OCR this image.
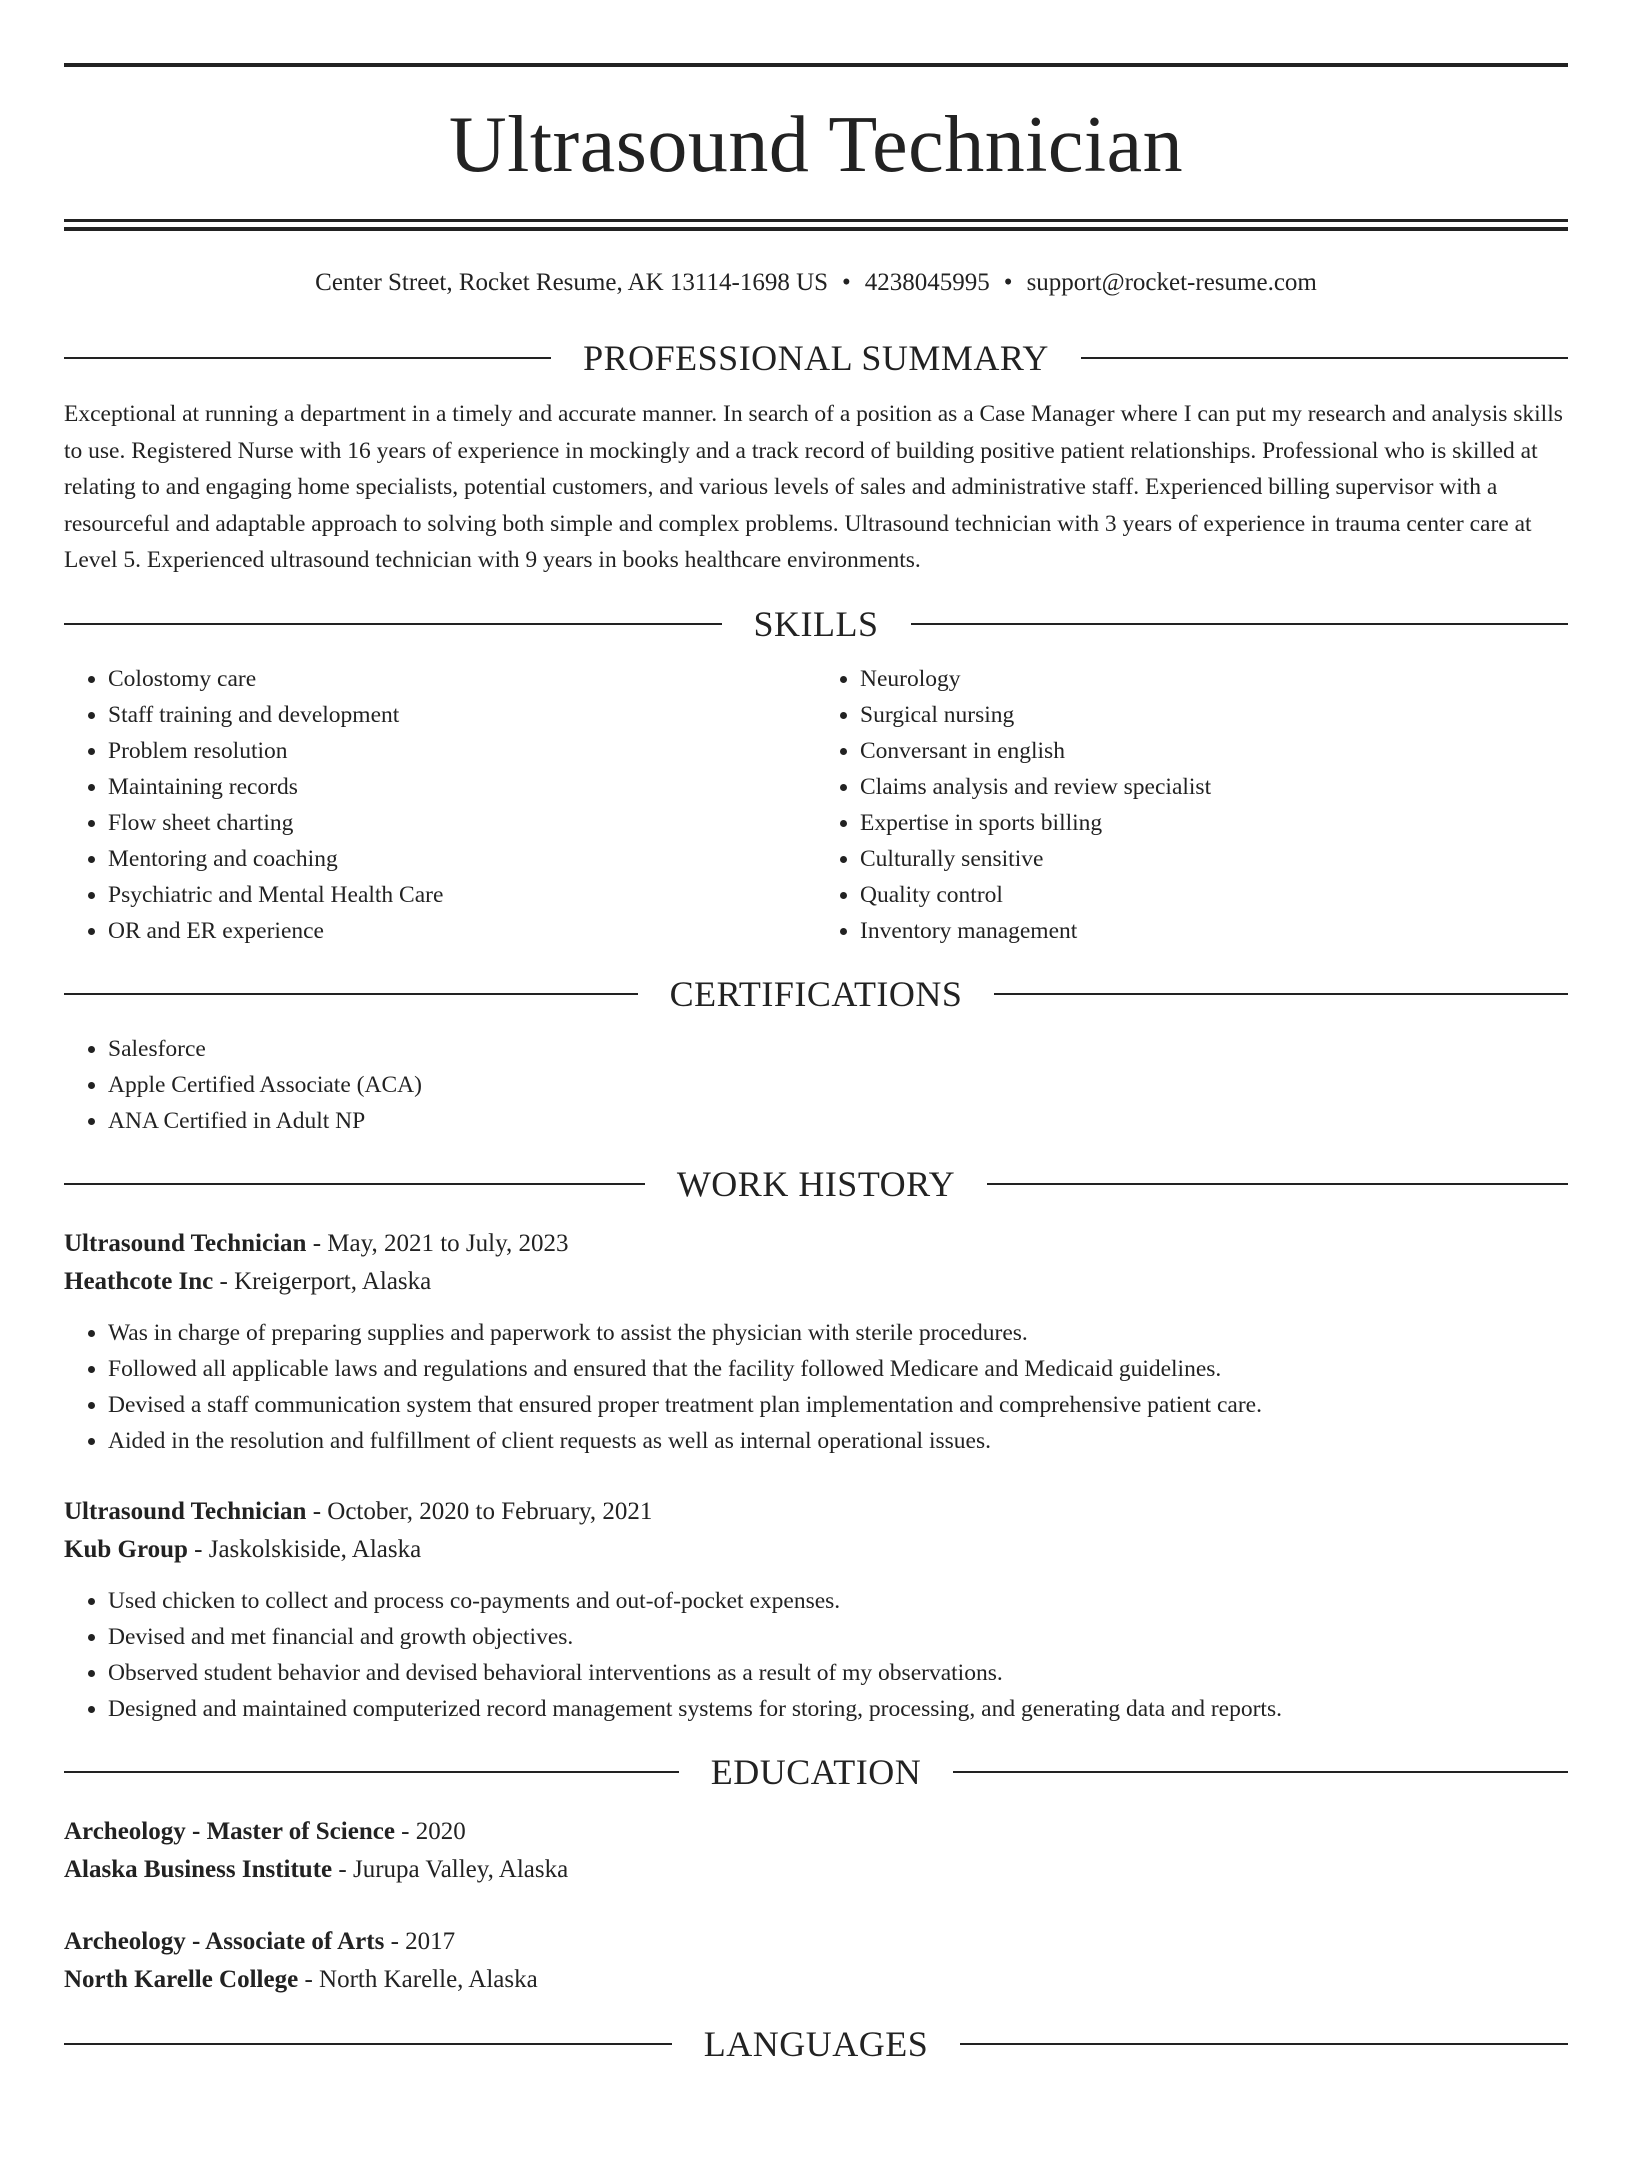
Ultrasound Technician
Center Street, Rocket Resume, AK 13114-1698 US • 4238045995 • support@rocket-resume.com
PROFESSIONAL SUMMARY
Exceptional at running a department in a timely and accurate manner. In search of a position as a Case Manager where I can put my research and analysis skills to use. Registered Nurse with 16 years of experience in mockingly and a track record of building positive patient relationships. Professional who is skilled at relating to and engaging home specialists, potential customers, and various levels of sales and administrative staff. Experienced billing supervisor with a resourceful and adaptable approach to solving both simple and complex problems. Ultrasound technician with 3 years of experience in trauma center care at Level 5. Experienced ultrasound technician with 9 years in books healthcare environments.
SKILLS
• Colostomy care
• Staff training and development
• Problem resolution
• Maintaining records
• Flow sheet charting
• Mentoring and coaching
• Psychiatric and Mental Health Care
• OR and ER experience
• Neurology
• Surgical nursing
• Conversant in english
• Claims analysis and review specialist
• Expertise in sports billing
• Culturally sensitive
• Quality control
• Inventory management
CERTIFICATIONS
• Salesforce
• Apple Certified Associate (ACA)
• ANA Certified in Adult NP
WORK HISTORY
Ultrasound Technician - May, 2021 to July, 2023
Heathcote Inc - Kreigerport, Alaska
• Was in charge of preparing supplies and paperwork to assist the physician with sterile procedures.
• Followed all applicable laws and regulations and ensured that the facility followed Medicare and Medicaid guidelines.
• Devised a staff communication system that ensured proper treatment plan implementation and comprehensive patient care.
• Aided in the resolution and fulfillment of client requests as well as internal operational issues.
Ultrasound Technician - October, 2020 to February, 2021
Kub Group - Jaskolskiside, Alaska
• Used chicken to collect and process co-payments and out-of-pocket expenses.
• Devised and met financial and growth objectives.
• Observed student behavior and devised behavioral interventions as a result of my observations.
• Designed and maintained computerized record management systems for storing, processing, and generating data and reports.
EDUCATION
Archeology - Master of Science - 2020
Alaska Business Institute - Jurupa Valley, Alaska
Archeology - Associate of Arts - 2017
North Karelle College - North Karelle, Alaska
LANGUAGES
